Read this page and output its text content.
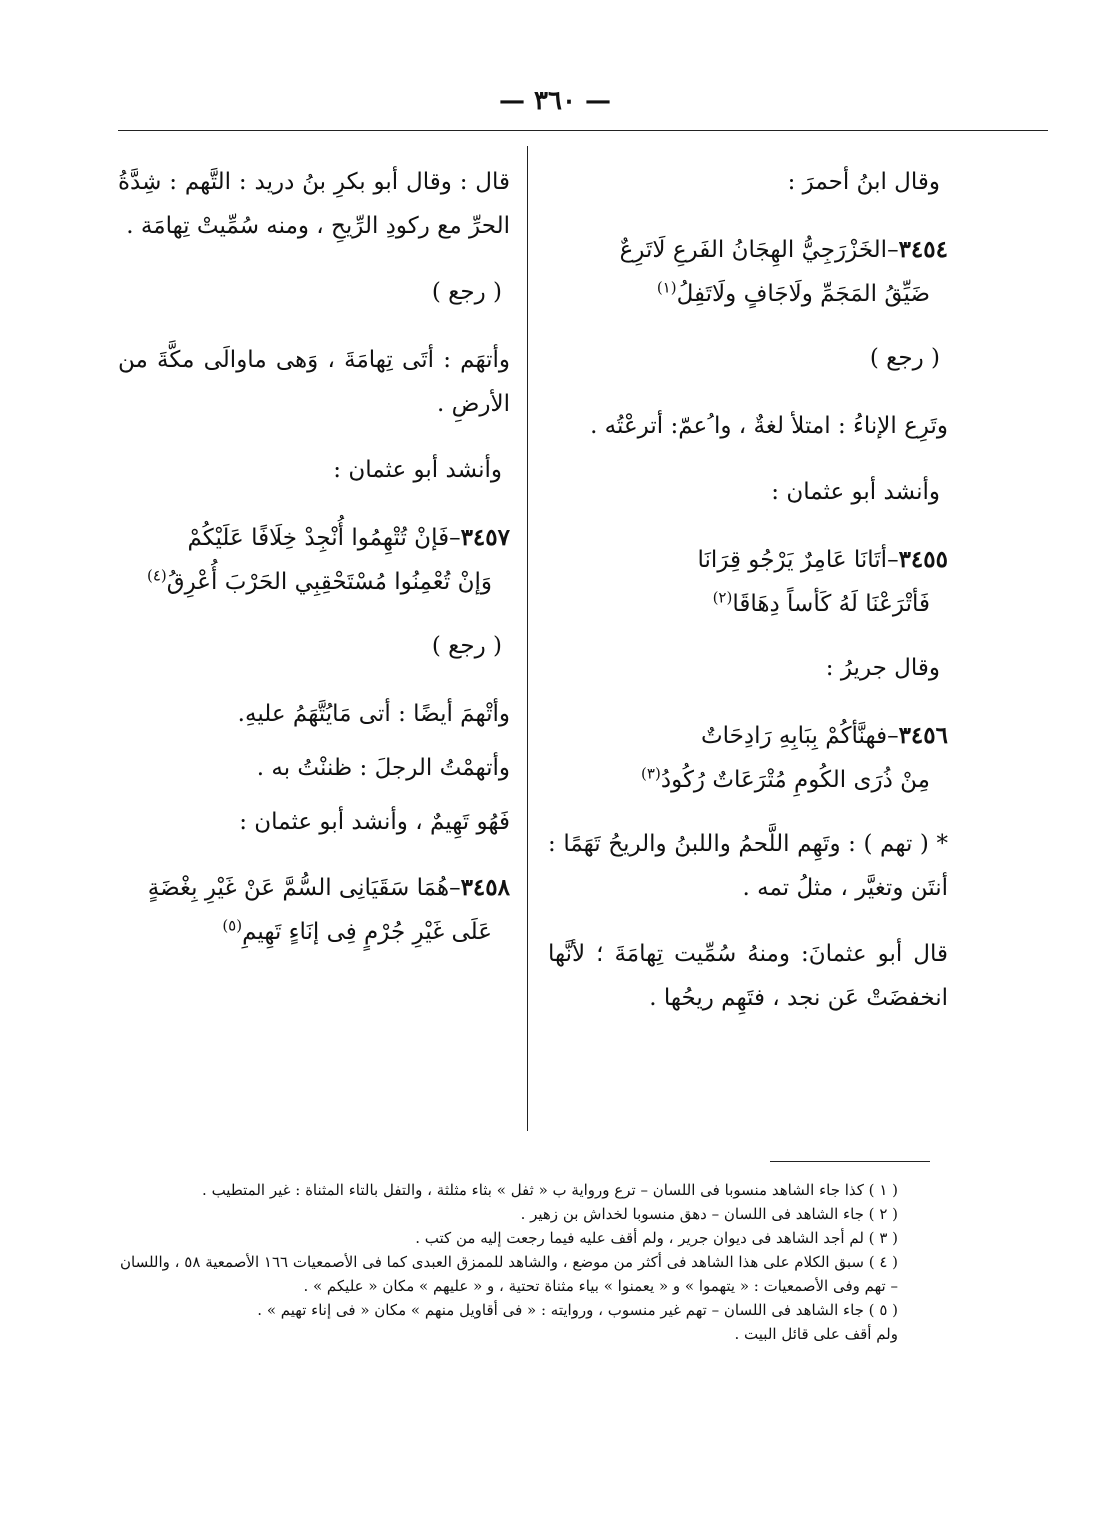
— ٣٦٠ —
وقال ابنُ أحمرَ :
٣٤٥٤–الخَزْرَجِيُّ الهِجَانُ الفَرعِ لَاتَرِعٌ
ضَيِّقُ المَجَمِّ ولَاجَافٍ ولَاتَفِلُ$^{(١)}$
( رجع )

وتَرِع الإناءُ : امتلأ لغةٌ ، وا ُعمّ: أترعْتُه .

وأنشد أبو عثمان :
٣٤٥٥–أتَانَا عَامِرٌ يَرْجُو قِرَانَا
فَأتْرَعْنَا لَهُ كَأساً دِهَاقَا$^{(٢)}$
وقال جريرُ :
٣٤٥٦–فهنَّأكُمْ بِبَابِهِ رَادِحَاتٌ
مِنْ ذُرَى الكُومِ مُتْرَعَاتٌ رُكُودُ$^{(٣)}$

* ( تهم ) : وتَهِم اللَّحمُ واللبنُ والريحُ تَهَمًا : أنتَن وتغيَّر ، مثلُ تمه .

قال أبو عثمانَ: ومنهُ سُمِّيت تِهامَةَ ؛ لأنَّها انخفضَتْ عَن نجد ، فتَهِم ريحُها .

قال : وقال أبو بكرِ بنُ دريد : التَّهم : شِدَّةُ الحرِّ مع ركودِ الرِّيحِ ، ومنه سُمِّيتْ تِهامَة .

( رجع )

وأتهَم : أتَى تِهامَةَ ، وَهى ماوالَى مكَّةَ من الأرضِ .

وأنشد أبو عثمان :
٣٤٥٧–فَإنْ تُتْهِمُوا أُنْجِدْ خِلَافًا عَلَيْكُمْ
وَإنْ تُعْمِنُوا مُسْتَحْقِبِي الحَرْبَ أُعْرِقُ$^{(٤)}$
( رجع )

وأتْهمَ أيضًا : أتى مَايُتَّهَمُ عليهِ.

وأتهمْتُ الرجلَ : ظننْتُ به .

فَهُو تَهِيمٌ ، وأنشد أبو عثمان :

٣٤٥٨–هُمَا سَقَيَانِى السُّمَّ عَنْ غَيْرِ بِغْضَةٍ
عَلَى غَيْرِ جُرْمٍ فِى إنَاءٍ تَهِيمِ$^{(٥)}$

( ١ ) كذا جاء الشاهد منسوبا فى اللسان – ترع ورواية ب « ثفل » بثاء مثلثة ، والتفل بالتاء المثناة : غير المتطيب .

( ٢ ) جاء الشاهد فى اللسان – دهق منسوبا لخداش بن زهير .

( ٣ ) لم أجد الشاهد فى ديوان جرير ، ولم أقف عليه فيما رجعت إليه من كتب .

( ٤ ) سبق الكلام على هذا الشاهد فى أكثر من موضع ، والشاهد للممزق العبدى كما فى الأصمعيات ١٦٦ الأصمعية ٥٨ ، واللسان – تهم وفى الأصمعيات : « يتهموا » و « يعمنوا » بياء مثناة تحتية ، و « عليهم » مكان « عليكم » .

( ٥ ) جاء الشاهد فى اللسان – تهم غير منسوب ، وروايته : « فى أقاويل منهم » مكان « فى إناء تهيم » .

ولم أقف على قائل البيت .
